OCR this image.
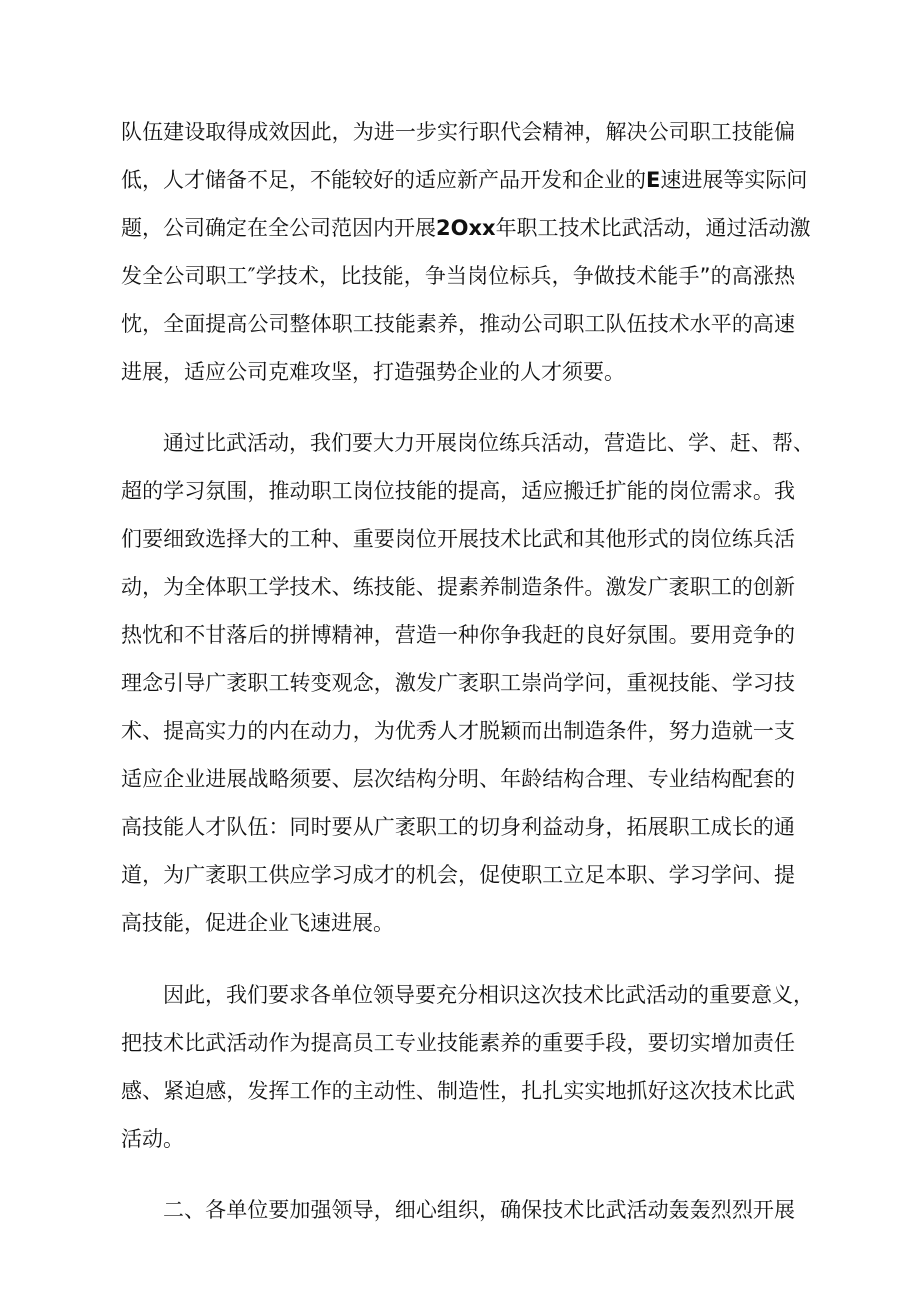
队伍建设取得成效因此，为进一步实行职代会精神，解决公司职工技能偏

低，人才储备不足，不能较好的适应新产品开发和企业的E速进展等实际问

题，公司确定在全公司范因内开展2Oxx年职工技术比武活动，通过活动激

发全公司职工″学技术，比技能，争当岗位标兵，争做技术能手”的高涨热

忱，全面提高公司整体职工技能素养，推动公司职工队伍技术水平的高速

进展，适应公司克难攻坚，打造强势企业的人才须要。

通过比武活动，我们要大力开展岗位练兵活动，营造比、学、赶、帮、

超的学习氛围，推动职工岗位技能的提高，适应搬迁扩能的岗位需求。我

们要细致选择大的工种、重要岗位开展技术比武和其他形式的岗位练兵活

动，为全体职工学技术、练技能、提素养制造条件。激发广袤职工的创新

热忱和不甘落后的拼博精神，营造一种你争我赶的良好氛围。要用竞争的

理念引导广袤职工转变观念，激发广袤职工崇尚学问，重视技能、学习技

术、提高实力的内在动力，为优秀人才脱颖而出制造条件，努力造就一支

适应企业进展战略须要、层次结构分明、年龄结构合理、专业结构配套的

高技能人才队伍：同时要从广袤职工的切身利益动身，拓展职工成长的通

道，为广袤职工供应学习成才的机会，促使职工立足本职、学习学问、提

高技能，促进企业飞速进展。

因此，我们要求各单位领导要充分相识这次技术比武活动的重要意义，

把技术比武活动作为提高员工专业技能素养的重要手段，要切实增加责任

感、紧迫感，发挥工作的主动性、制造性，扎扎实实地抓好这次技术比武

活动。

二、各单位要加强领导，细心组织，确保技术比武活动轰轰烈烈开展
